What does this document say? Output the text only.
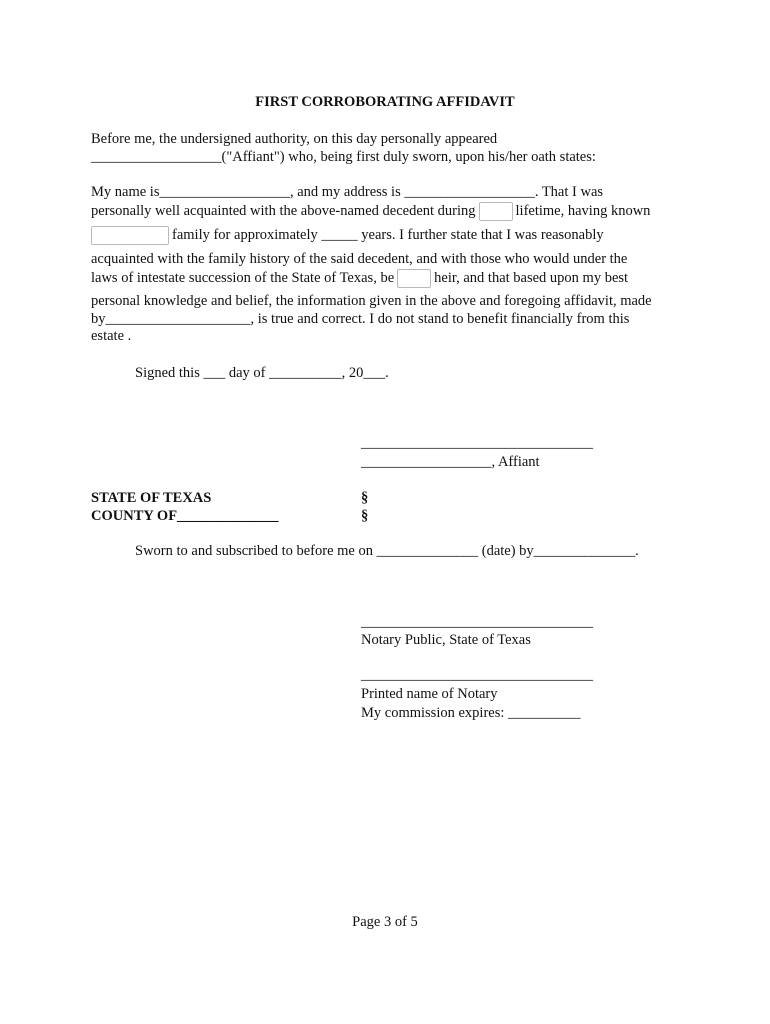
FIRST CORROBORATING AFFIDAVIT
Before me, the undersigned authority, on this day personally appeared
__________________("Affiant") who, being first duly sworn, upon his/her oath states:
My name is__________________, and my address is __________________. That I was
personally well acquainted with the above-named decedent during	lifetime, having known
family for approximately _____ years. I further state that I was reasonably
acquainted with the family history of the said decedent, and with those who would under the
laws of intestate succession of the State of Texas, be	heir, and that based upon my best
personal knowledge and belief, the information given in the above and foregoing affidavit, made
by____________________, is true and correct. I do not stand to benefit financially from this
estate .
Signed this ___ day of __________, 20___.
________________________________
__________________, Affiant
STATE OF TEXAS
COUNTY OF______________
§
§
Sworn to and subscribed to before me on ______________ (date) by______________.
________________________________
Notary Public, State of Texas
________________________________
Printed name of Notary
My commission expires: __________
Page 3 of 5
